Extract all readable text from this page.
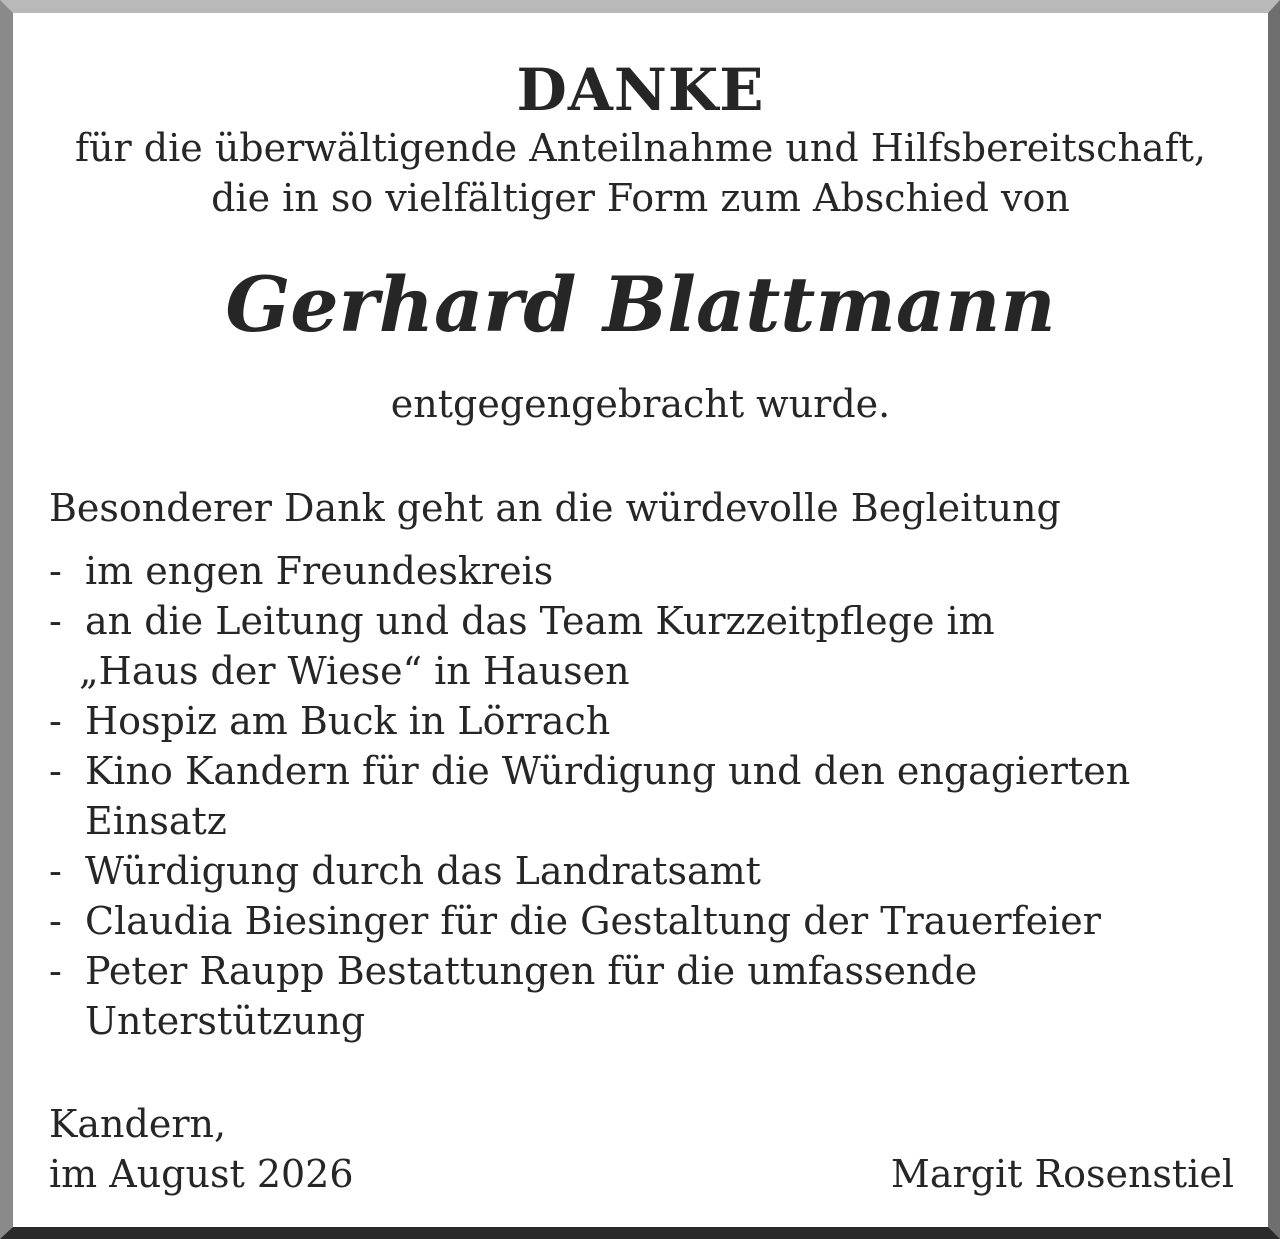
DANKE
für die überwältigende Anteilnahme und Hilfsbereitschaft,
die in so vielfältiger Form zum Abschied von
Gerhard Blattmann
entgegengebracht wurde.
Besonderer Dank geht an die würdevolle Begleitung
- im engen Freundeskreis
- an die Leitung und das Team Kurzzeitpflege im
„Haus der Wiese“ in Hausen
- Hospiz am Buck in Lörrach
- Kino Kandern für die Würdigung und den engagierten
Einsatz
- Würdigung durch das Landratsamt
- Claudia Biesinger für die Gestaltung der Trauerfeier
- Peter Raupp Bestattungen für die umfassende
Unterstützung
Kandern,
im August 2026	Margit Rosenstiel
